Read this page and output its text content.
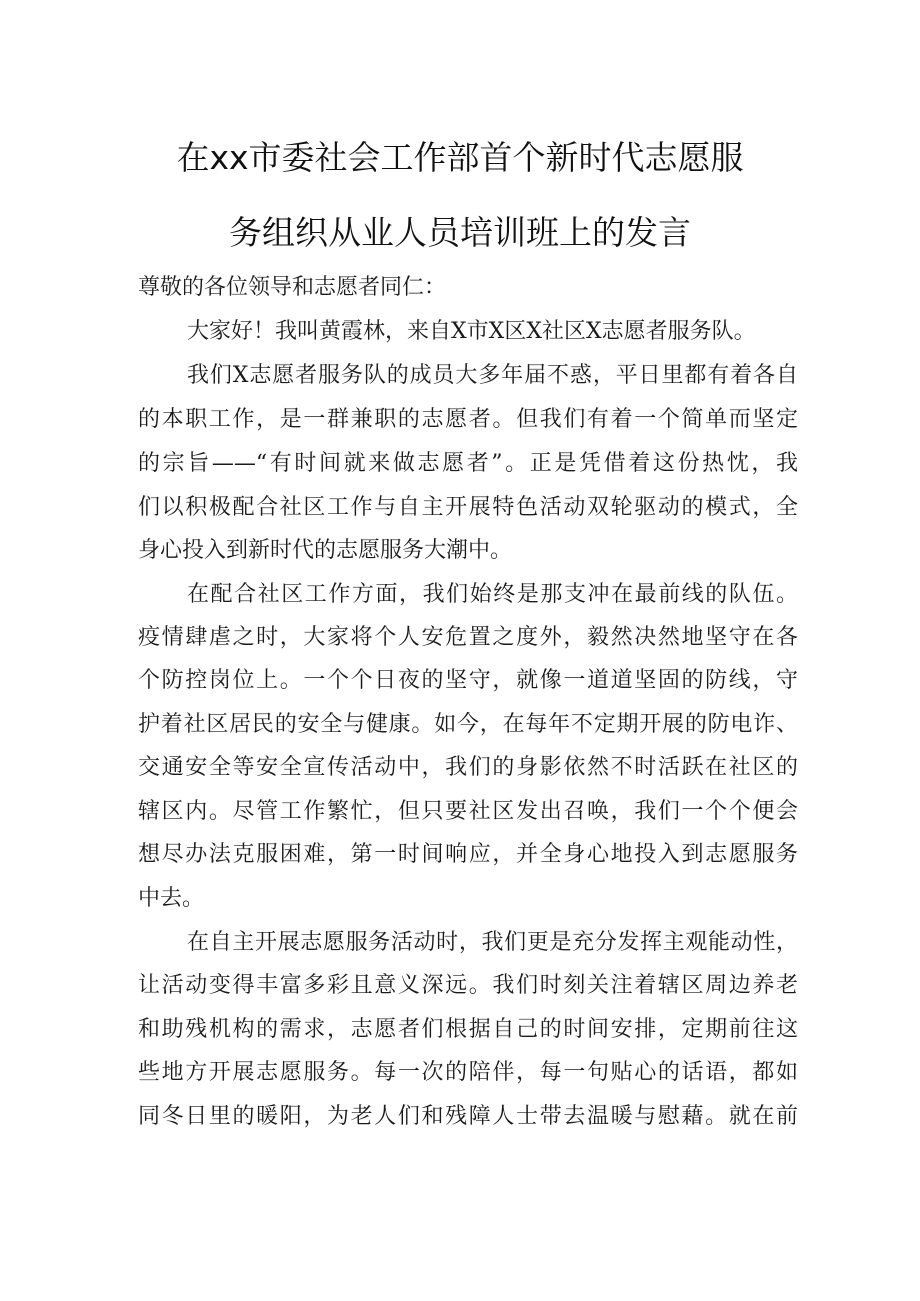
在xx市委社会工作部首个新时代志愿服
务组织从业人员培训班上的发言
尊敬的各位领导和志愿者同仁：
大家好！我叫黄霞林，来自X市X区X社区X志愿者服务队。
我们X志愿者服务队的成员大多年届不惑，平日里都有着各自
的本职工作，是一群兼职的志愿者。但我们有着一个简单而坚定
的宗旨——“有时间就来做志愿者”。正是凭借着这份热忱，我
们以积极配合社区工作与自主开展特色活动双轮驱动的模式，全
身心投入到新时代的志愿服务大潮中。
在配合社区工作方面，我们始终是那支冲在最前线的队伍。
疫情肆虐之时，大家将个人安危置之度外，毅然决然地坚守在各
个防控岗位上。一个个日夜的坚守，就像一道道坚固的防线，守
护着社区居民的安全与健康。如今，在每年不定期开展的防电诈、
交通安全等安全宣传活动中，我们的身影依然不时活跃在社区的
辖区内。尽管工作繁忙，但只要社区发出召唤，我们一个个便会
想尽办法克服困难，第一时间响应，并全身心地投入到志愿服务
中去。
在自主开展志愿服务活动时，我们更是充分发挥主观能动性，
让活动变得丰富多彩且意义深远。我们时刻关注着辖区周边养老
和助残机构的需求，志愿者们根据自己的时间安排，定期前往这
些地方开展志愿服务。每一次的陪伴，每一句贴心的话语，都如
同冬日里的暖阳，为老人们和残障人士带去温暖与慰藉。就在前
